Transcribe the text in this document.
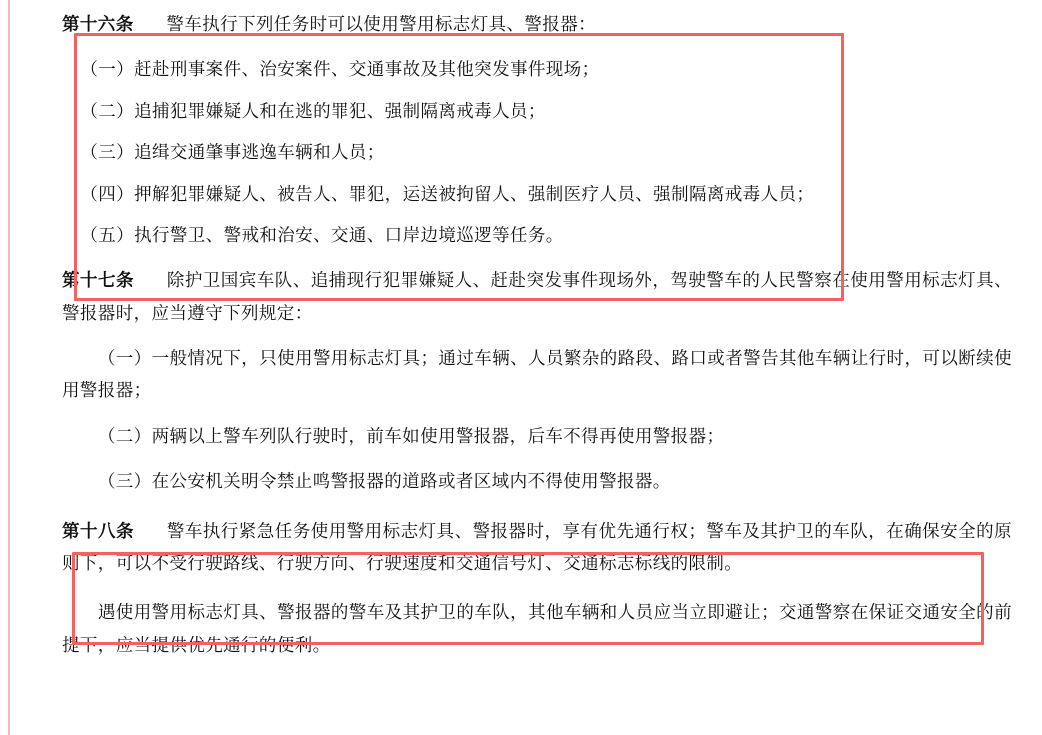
第十六条 警车执行下列任务时可以使用警用标志灯具、警报器：

（一）赶赴刑事案件、治安案件、交通事故及其他突发事件现场；

（二）追捕犯罪嫌疑人和在逃的罪犯、强制隔离戒毒人员；

（三）追缉交通肇事逃逸车辆和人员；

（四）押解犯罪嫌疑人、被告人、罪犯，运送被拘留人、强制医疗人员、强制隔离戒毒人员；

（五）执行警卫、警戒和治安、交通、口岸边境巡逻等任务。

第十七条 除护卫国宾车队、追捕现行犯罪嫌疑人、赶赴突发事件现场外，驾驶警车的人民警察在使用警用标志灯具、警报器时，应当遵守下列规定：

（一）一般情况下，只使用警用标志灯具；通过车辆、人员繁杂的路段、路口或者警告其他车辆让行时，可以断续使用警报器；

（二）两辆以上警车列队行驶时，前车如使用警报器，后车不得再使用警报器；

（三）在公安机关明令禁止鸣警报器的道路或者区域内不得使用警报器。

第十八条 警车执行紧急任务使用警用标志灯具、警报器时，享有优先通行权；警车及其护卫的车队，在确保安全的原则下，可以不受行驶路线、行驶方向、行驶速度和交通信号灯、交通标志标线的限制。

遇使用警用标志灯具、警报器的警车及其护卫的车队，其他车辆和人员应当立即避让；交通警察在保证交通安全的前提下，应当提供优先通行的便利。
